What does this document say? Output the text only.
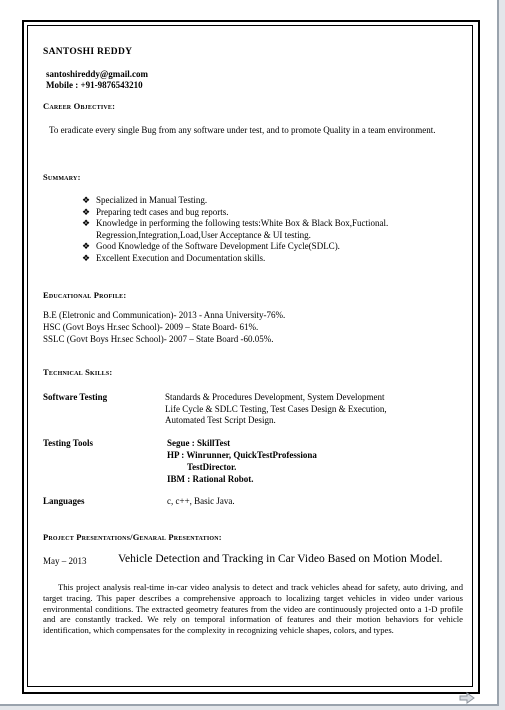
SANTOSHI REDDY
santoshireddy@gmail.com
Mobile : +91-9876543210
Career Objective:
To eradicate every single Bug from any software under test, and to promote Quality in a team environment.
Summary:
❖ Specialized in Manual Testing.
❖ Preparing tedt cases and bug reports.
❖ Knowledge in performing the following tests:White Box & Black Box,Fuctional.
Regression,Integration,Load,User Acceptance & UI testing.
❖ Good Knowledge of the Software Development Life Cycle(SDLC).
❖ Excellent Execution and Documentation skills.
Educational Profile:
B.E (Eletronic and Communication)- 2013 - Anna University-76%.
HSC (Govt Boys Hr.sec School)- 2009 – State Board- 61%.
SSLC (Govt Boys Hr.sec School)- 2007 – State Board -60.05%.
Technical Skills:
Software Testing	Standards & Procedures Development, System Development
Life Cycle & SDLC Testing, Test Cases Design & Execution,
Automated Test Script Design.
Testing Tools	Segue : SkillTest
HP : Winrunner, QuickTestProfessiona
TestDirector.
IBM : Rational Robot.
Languages	c, c++, Basic Java.
Project Presentations/Genaral Presentation:
May – 2013	Vehicle Detection and Tracking in Car Video Based on Motion Model.
This project analysis real-time in-car video analysis to detect and track vehicles ahead for safety, auto driving, and target tracing. This paper describes a comprehensive approach to localizing target vehicles in video under various environmental conditions. The extracted geometry features from the video are continuously projected onto a 1-D profile and are constantly tracked. We rely on temporal information of features and their motion behaviors for vehicle identification, which compensates for the complexity in recognizing vehicle shapes, colors, and types.
